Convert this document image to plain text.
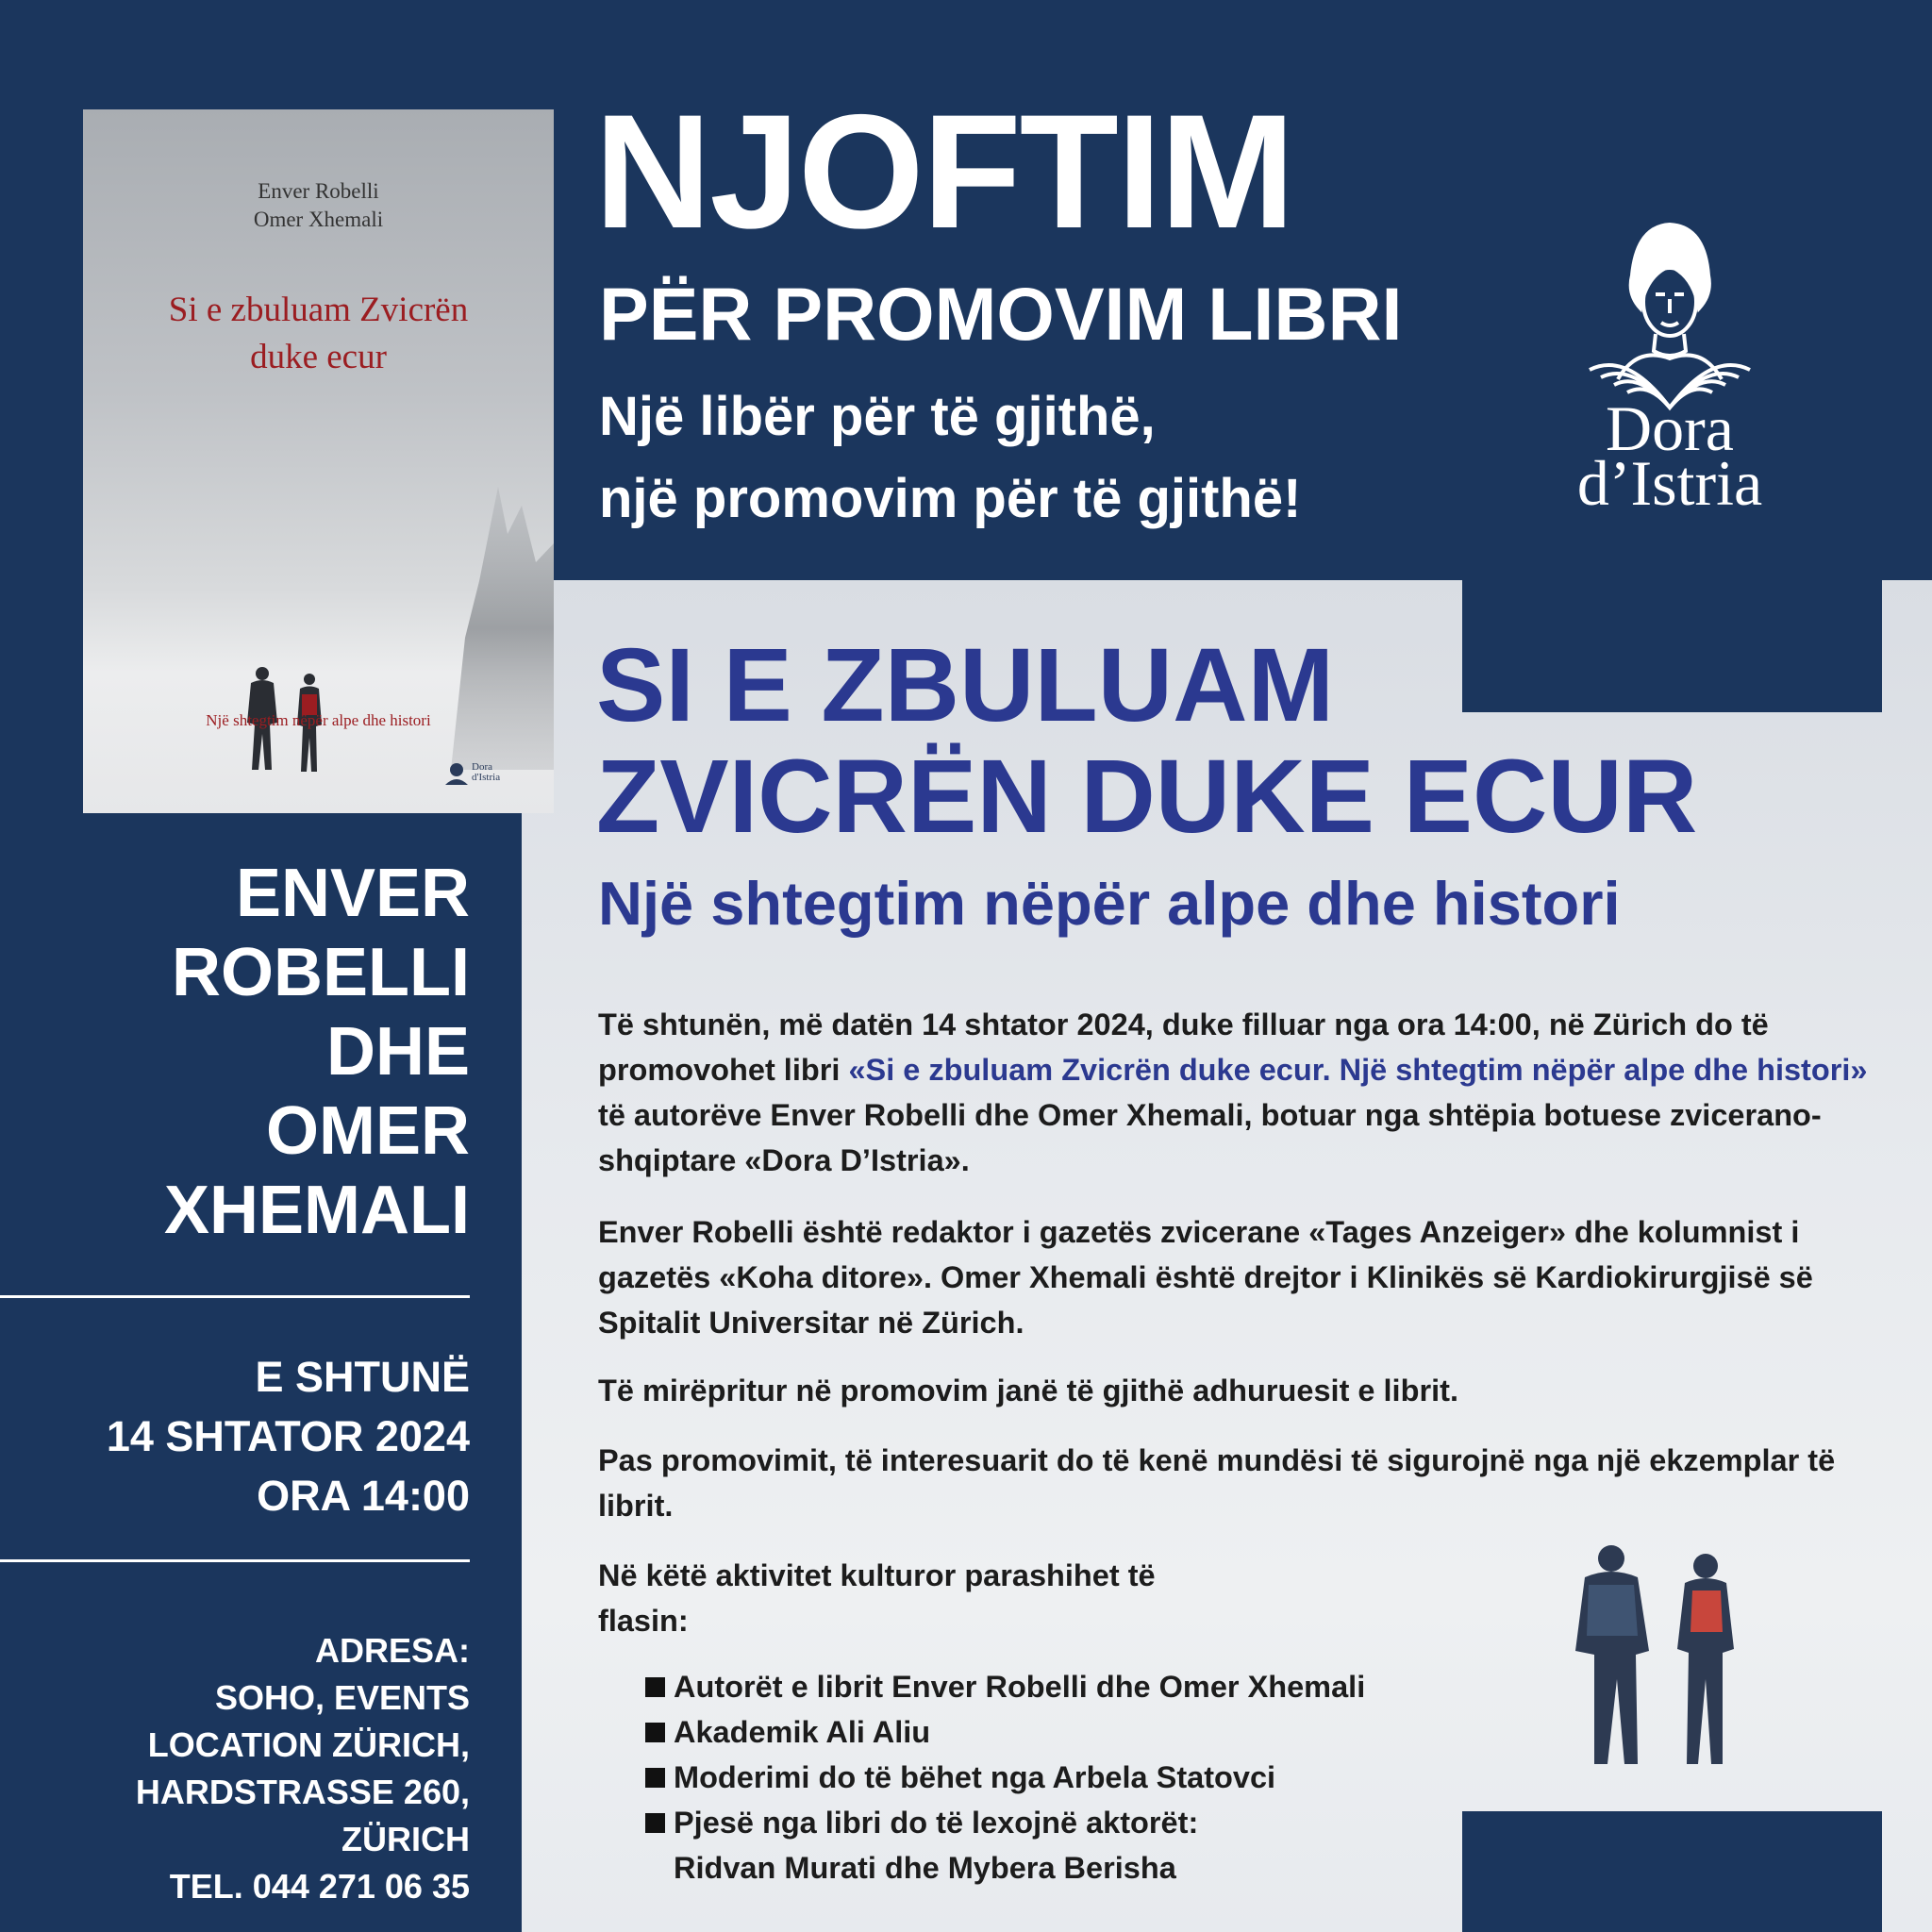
Enver Robelli
Omer Xhemali
Si e zbuluam Zvicrën
duke ecur
Një shtegtim nëpër alpe dhe histori
Dora
d'Istria
NJOFTIM
PËR PROMOVIM LIBRI
Një libër për të gjithë,
një promovim për të gjithë!
Dora
d’Istria
SI E ZBULUAM
ZVICRËN DUKE ECUR
Një shtegtim nëpër alpe dhe histori
Të shtunën, më datën 14 shtator 2024, duke filluar nga ora 14:00, në Zürich do të promovohet libri «Si e zbuluam Zvicrën duke ecur. Një shtegtim nëpër alpe dhe histori» të autorëve Enver Robelli dhe Omer Xhemali, botuar nga shtëpia botuese zvicerano-shqiptare «Dora D’Istria».
Enver Robelli është redaktor i gazetës zvicerane «Tages Anzeiger» dhe kolumnist i gazetës «Koha ditore». Omer Xhemali është drejtor i Klinikës së Kardiokirurgjisë së Spitalit Universitar në Zürich.
Të mirëpritur në promovim janë të gjithë adhuruesit e librit.
Pas promovimit, të interesuarit do të kenë mundësi të sigurojnë nga një ekzemplar të librit.
Në këtë aktivitet kulturor parashihet të flasin:
Autorët e librit Enver Robelli dhe Omer Xhemali
Akademik Ali Aliu
Moderimi do të bëhet nga Arbela Statovci
Pjesë nga libri do të lexojnë aktorët:
Ridvan Murati dhe Mybera Berisha
ENVER
ROBELLI
DHE
OMER
XHEMALI
E SHTUNË
14 SHTATOR 2024
ORA 14:00
ADRESA:
SOHO, EVENTS
LOCATION ZÜRICH,
HARDSTRASSE 260,
ZÜRICH
TEL. 044 271 06 35
